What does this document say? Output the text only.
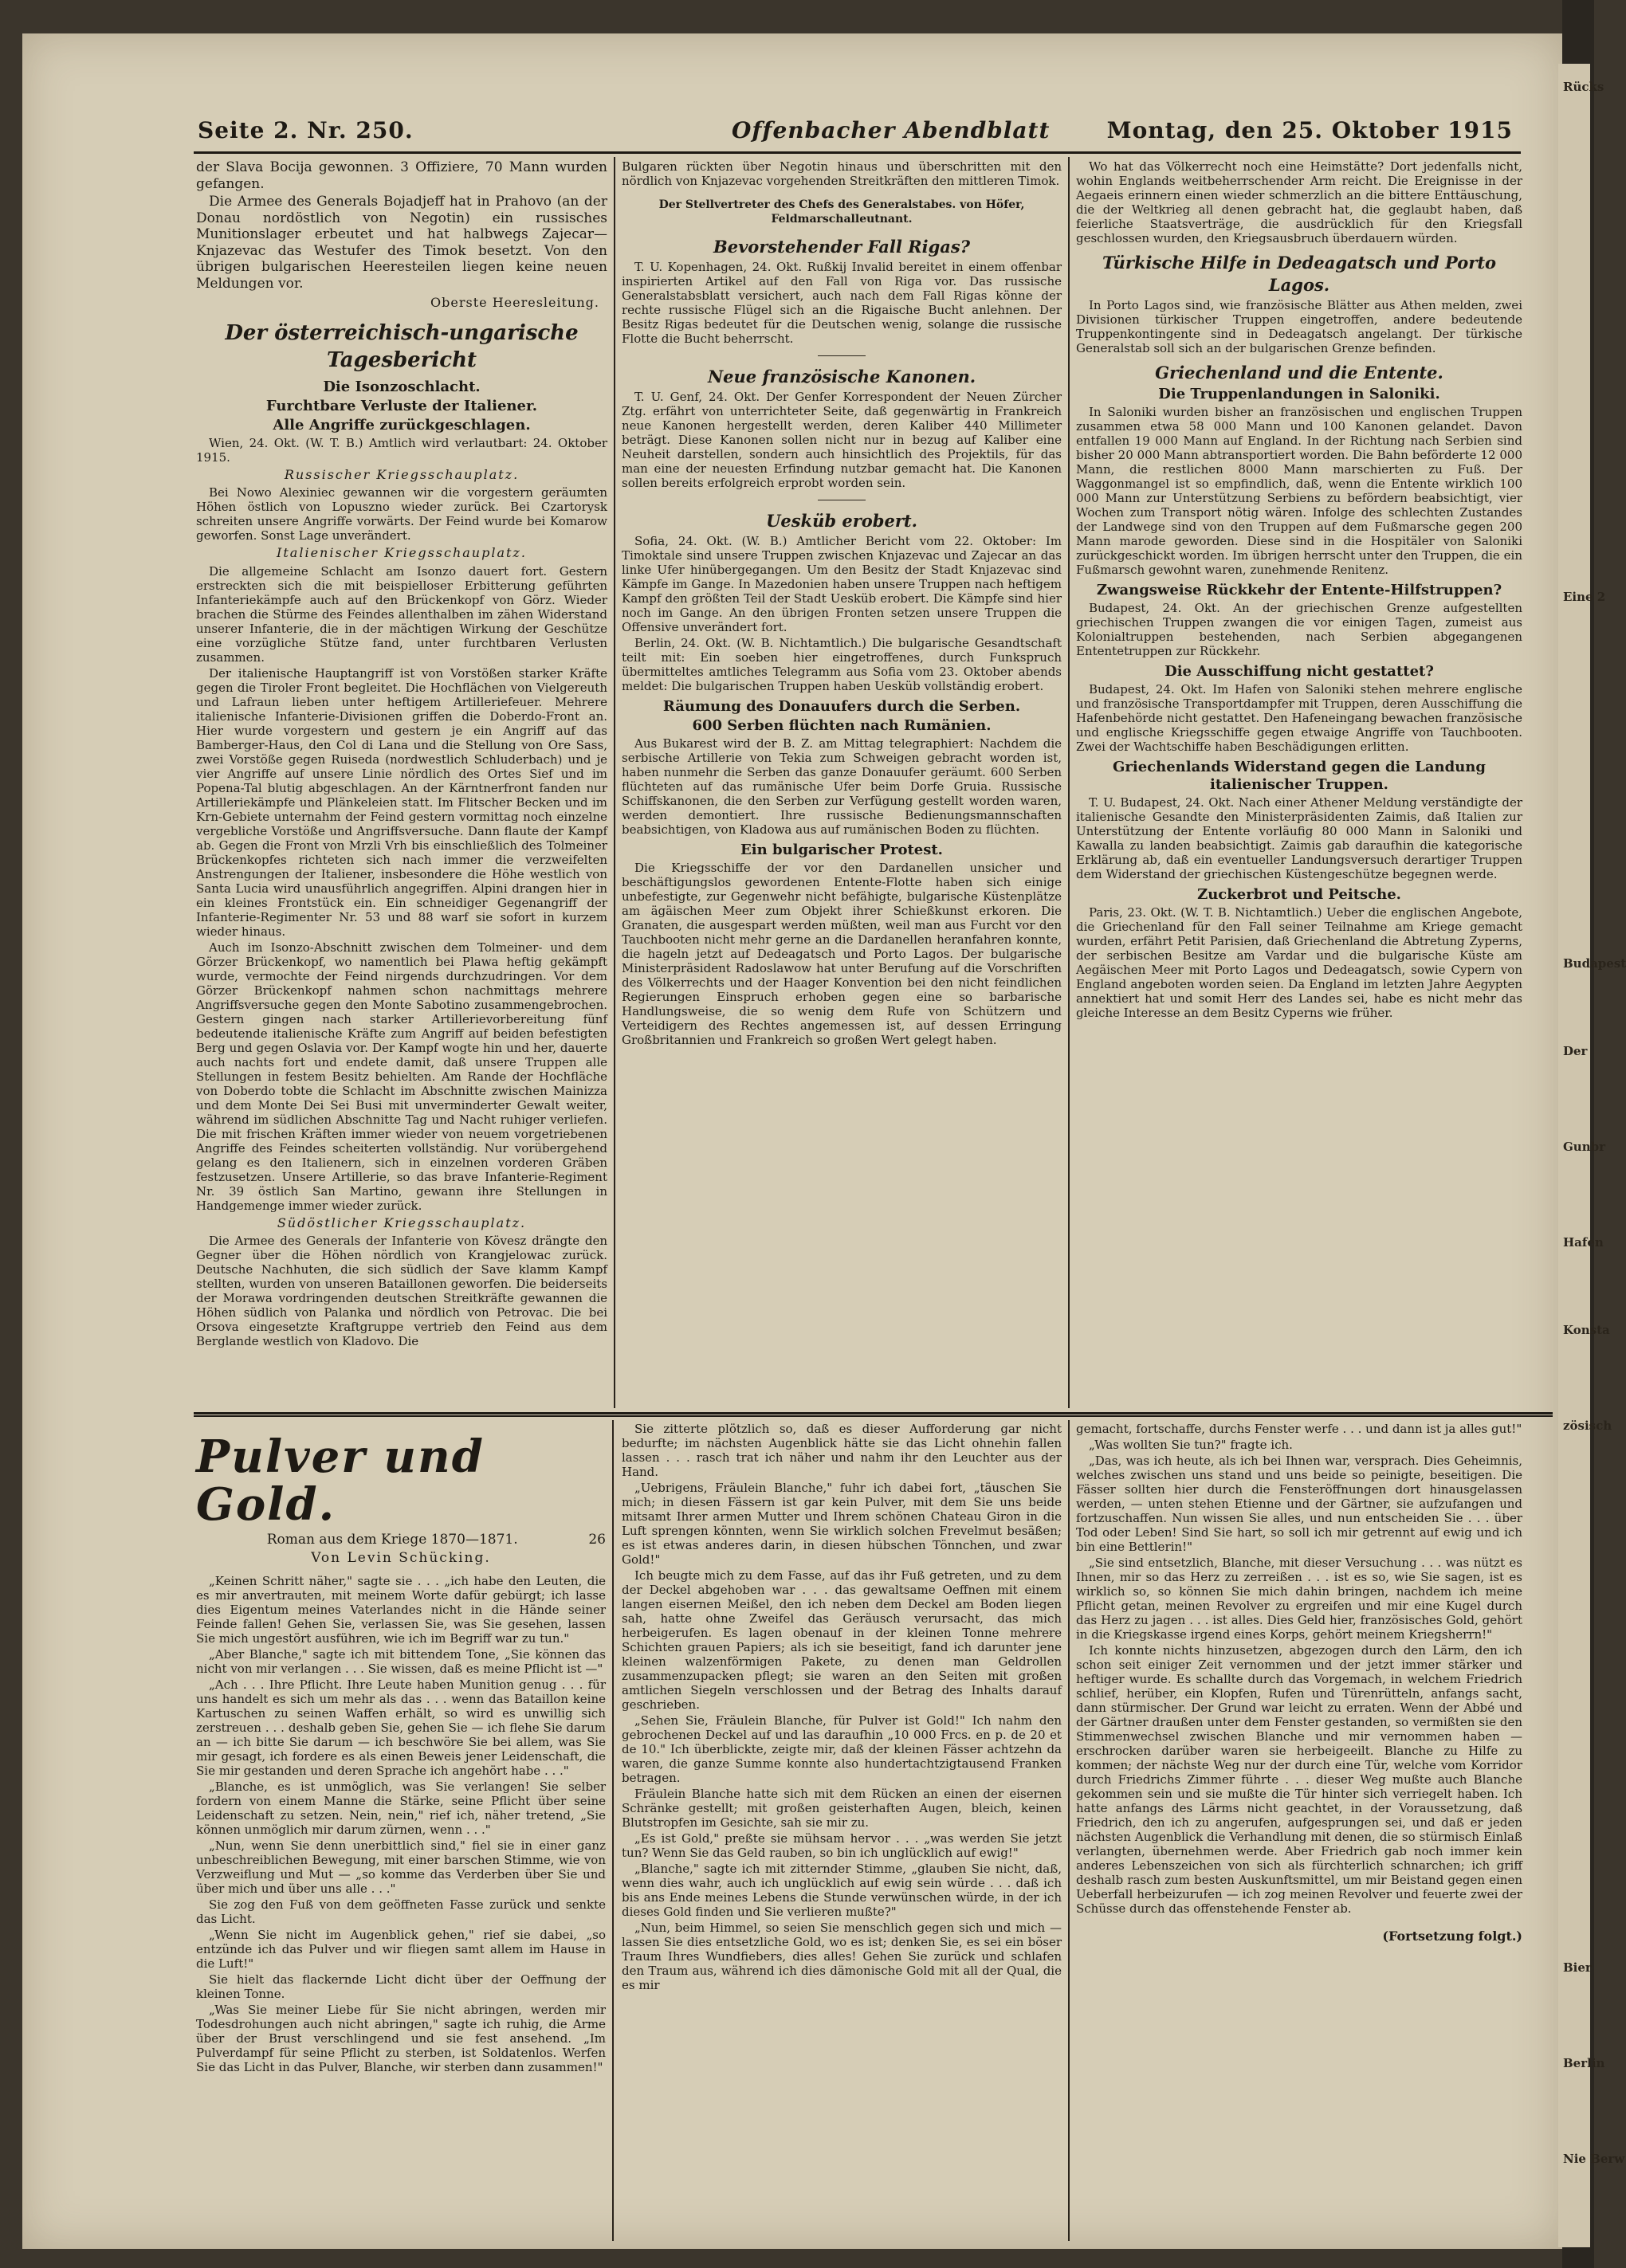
Seite 2. Nr. 250.	Offenbacher Abendblatt	Montag, den 25. Oktober 1915

der Slava Bocija gewonnen. 3 Offiziere, 70 Mann wurden gefangen.

Die Armee des Generals Bojadjeff hat in Prahovo (an der Donau nordöstlich von Negotin) ein russisches Munitionslager erbeutet und hat halbwegs Zajecar—Knjazevac das Westufer des Timok besetzt. Von den übrigen bulgarischen Heeresteilen liegen keine neuen Meldungen vor.

Oberste Heeresleitung.
Der österreichisch-ungarische Tagesbericht
Die Isonzoschlacht.
Furchtbare Verluste der Italiener.
Alle Angriffe zurückgeschlagen.

Wien, 24. Okt. (W. T. B.) Amtlich wird verlautbart: 24. Oktober 1915.

Russischer Kriegsschauplatz.

Bei Nowo Alexiniec gewannen wir die vorgestern geräumten Höhen östlich von Lopuszno wieder zurück. Bei Czartorysk schreiten unsere Angriffe vorwärts. Der Feind wurde bei Komarow geworfen. Sonst Lage unverändert.

Italienischer Kriegsschauplatz.

Die allgemeine Schlacht am Isonzo dauert fort. Gestern erstreckten sich die mit beispielloser Erbitterung geführten Infanteriekämpfe auch auf den Brückenkopf von Görz. Wieder brachen die Stürme des Feindes allenthalben im zähen Widerstand unserer Infanterie, die in der mächtigen Wirkung der Geschütze eine vorzügliche Stütze fand, unter furchtbaren Verlusten zusammen.

Der italienische Hauptangriff ist von Vorstößen starker Kräfte gegen die Tiroler Front begleitet. Die Hochflächen von Vielgereuth und Lafraun lieben unter heftigem Artilleriefeuer. Mehrere italienische Infanterie-Divisionen griffen die Doberdo-Front an. Hier wurde vorgestern und gestern je ein Angriff auf das Bamberger-Haus, den Col di Lana und die Stellung von Ore Sass, zwei Vorstöße gegen Ruiseda (nordwestlich Schluderbach) und je vier Angriffe auf unsere Linie nördlich des Ortes Sief und im Popena-Tal blutig abgeschlagen. An der Kärntnerfront fanden nur Artilleriekämpfe und Plänkeleien statt. Im Flitscher Becken und im Krn-Gebiete unternahm der Feind gestern vormittag noch einzelne vergebliche Vorstöße und Angriffsversuche. Dann flaute der Kampf ab. Gegen die Front von Mrzli Vrh bis einschließlich des Tolmeiner Brückenkopfes richteten sich nach immer die verzweifelten Anstrengungen der Italiener, insbesondere die Höhe westlich von Santa Lucia wird unausführlich angegriffen. Alpini drangen hier in ein kleines Frontstück ein. Ein schneidiger Gegenangriff der Infanterie-Regimenter Nr. 53 und 88 warf sie sofort in kurzem wieder hinaus.

Auch im Isonzo-Abschnitt zwischen dem Tolmeiner- und dem Görzer Brückenkopf, wo namentlich bei Plawa heftig gekämpft wurde, vermochte der Feind nirgends durchzudringen. Vor dem Görzer Brückenkopf nahmen schon nachmittags mehrere Angriffsversuche gegen den Monte Sabotino zusammengebrochen. Gestern gingen nach starker Artillerievorbereitung fünf bedeutende italienische Kräfte zum Angriff auf beiden befestigten Berg und gegen Oslavia vor. Der Kampf wogte hin und her, dauerte auch nachts fort und endete damit, daß unsere Truppen alle Stellungen in festem Besitz behielten. Am Rande der Hochfläche von Doberdo tobte die Schlacht im Abschnitte zwischen Mainizza und dem Monte Dei Sei Busi mit unverminderter Gewalt weiter, während im südlichen Abschnitte Tag und Nacht ruhiger verliefen. Die mit frischen Kräften immer wieder von neuem vorgetriebenen Angriffe des Feindes scheiterten vollständig. Nur vorübergehend gelang es den Italienern, sich in einzelnen vorderen Gräben festzusetzen. Unsere Artillerie, so das brave Infanterie-Regiment Nr. 39 östlich San Martino, gewann ihre Stellungen in Handgemenge immer wieder zurück.

Südöstlicher Kriegsschauplatz.

Die Armee des Generals der Infanterie von Kövesz drängte den Gegner über die Höhen nördlich von Krangjelowac zurück. Deutsche Nachhuten, die sich südlich der Save klamm Kampf stellten, wurden von unseren Bataillonen geworfen. Die beiderseits der Morawa vordringenden deutschen Streitkräfte gewannen die Höhen südlich von Palanka und nördlich von Petrovac. Die bei Orsova eingesetzte Kraftgruppe vertrieb den Feind aus dem Berglande westlich von Kladovo. Die

Bulgaren rückten über Negotin hinaus und überschritten mit den nördlich von Knjazevac vorgehenden Streitkräften den mittleren Timok.

Der Stellvertreter des Chefs des Generalstabes. von Höfer, Feldmarschalleutnant.
Bevorstehender Fall Rigas?

T. U. Kopenhagen, 24. Okt. Rußkij Invalid bereitet in einem offenbar inspirierten Artikel auf den Fall von Riga vor. Das russische Generalstabsblatt versichert, auch nach dem Fall Rigas könne der rechte russische Flügel sich an die Rigaische Bucht anlehnen. Der Besitz Rigas bedeutet für die Deutschen wenig, solange die russische Flotte die Bucht beherrscht.

Neue französische Kanonen.

T. U. Genf, 24. Okt. Der Genfer Korrespondent der Neuen Zürcher Ztg. erfährt von unterrichteter Seite, daß gegenwärtig in Frankreich neue Kanonen hergestellt werden, deren Kaliber 440 Millimeter beträgt. Diese Kanonen sollen nicht nur in bezug auf Kaliber eine Neuheit darstellen, sondern auch hinsichtlich des Projektils, für das man eine der neuesten Erfindung nutzbar gemacht hat. Die Kanonen sollen bereits erfolgreich erprobt worden sein.

Uesküb erobert.

Sofia, 24. Okt. (W. B.) Amtlicher Bericht vom 22. Oktober: Im Timoktale sind unsere Truppen zwischen Knjazevac und Zajecar an das linke Ufer hinübergegangen. Um den Besitz der Stadt Knjazevac sind Kämpfe im Gange. In Mazedonien haben unsere Truppen nach heftigem Kampf den größten Teil der Stadt Uesküb erobert. Die Kämpfe sind hier noch im Gange. An den übrigen Fronten setzen unsere Truppen die Offensive unverändert fort.

Berlin, 24. Okt. (W. B. Nichtamtlich.) Die bulgarische Gesandtschaft teilt mit: Ein soeben hier eingetroffenes, durch Funkspruch übermitteltes amtliches Telegramm aus Sofia vom 23. Oktober abends meldet: Die bulgarischen Truppen haben Uesküb vollständig erobert.

Räumung des Donauufers durch die Serben.
600 Serben flüchten nach Rumänien.

Aus Bukarest wird der B. Z. am Mittag telegraphiert: Nachdem die serbische Artillerie von Tekia zum Schweigen gebracht worden ist, haben nunmehr die Serben das ganze Donauufer geräumt. 600 Serben flüchteten auf das rumänische Ufer beim Dorfe Gruia. Russische Schiffskanonen, die den Serben zur Verfügung gestellt worden waren, werden demontiert. Ihre russische Bedienungsmannschaften beabsichtigen, von Kladowa aus auf rumänischen Boden zu flüchten.

Ein bulgarischer Protest.

Die Kriegsschiffe der vor den Dardanellen unsicher und beschäftigungslos gewordenen Entente-Flotte haben sich einige unbefestigte, zur Gegenwehr nicht befähigte, bulgarische Küstenplätze am ägäischen Meer zum Objekt ihrer Schießkunst erkoren. Die Granaten, die ausgespart werden müßten, weil man aus Furcht vor den Tauchbooten nicht mehr gerne an die Dardanellen heranfahren konnte, die hageln jetzt auf Dedeagatsch und Porto Lagos. Der bulgarische Ministerpräsident Radoslawow hat unter Berufung auf die Vorschriften des Völkerrechts und der Haager Konvention bei den nicht feindlichen Regierungen Einspruch erhoben gegen eine so barbarische Handlungsweise, die so wenig dem Rufe von Schützern und Verteidigern des Rechtes angemessen ist, auf dessen Erringung Großbritannien und Frankreich so großen Wert gelegt haben.

Wo hat das Völkerrecht noch eine Heimstätte? Dort jedenfalls nicht, wohin Englands weitbeherrschender Arm reicht. Die Ereignisse in der Aegaeis erinnern einen wieder schmerzlich an die bittere Enttäuschung, die der Weltkrieg all denen gebracht hat, die geglaubt haben, daß feierliche Staatsverträge, die ausdrücklich für den Kriegsfall geschlossen wurden, den Kriegsausbruch überdauern würden.

Türkische Hilfe in Dedeagatsch und Porto Lagos.

In Porto Lagos sind, wie französische Blätter aus Athen melden, zwei Divisionen türkischer Truppen eingetroffen, andere bedeutende Truppenkontingente sind in Dedeagatsch angelangt. Der türkische Generalstab soll sich an der bulgarischen Grenze befinden.

Griechenland und die Entente.
Die Truppenlandungen in Saloniki.

In Saloniki wurden bisher an französischen und englischen Truppen zusammen etwa 58 000 Mann und 100 Kanonen gelandet. Davon entfallen 19 000 Mann auf England. In der Richtung nach Serbien sind bisher 20 000 Mann abtransportiert worden. Die Bahn beförderte 12 000 Mann, die restlichen 8000 Mann marschierten zu Fuß. Der Waggonmangel ist so empfindlich, daß, wenn die Entente wirklich 100 000 Mann zur Unterstützung Serbiens zu befördern beabsichtigt, vier Wochen zum Transport nötig wären. Infolge des schlechten Zustandes der Landwege sind von den Truppen auf dem Fußmarsche gegen 200 Mann marode geworden. Diese sind in die Hospitäler von Saloniki zurückgeschickt worden. Im übrigen herrscht unter den Truppen, die ein Fußmarsch gewohnt waren, zunehmende Renitenz.

Zwangsweise Rückkehr der Entente-Hilfstruppen?

Budapest, 24. Okt. An der griechischen Grenze aufgestellten griechischen Truppen zwangen die vor einigen Tagen, zumeist aus Kolonialtruppen bestehenden, nach Serbien abgegangenen Ententetruppen zur Rückkehr.

Die Ausschiffung nicht gestattet?

Budapest, 24. Okt. Im Hafen von Saloniki stehen mehrere englische und französische Transportdampfer mit Truppen, deren Ausschiffung die Hafenbehörde nicht gestattet. Den Hafeneingang bewachen französische und englische Kriegsschiffe gegen etwaige Angriffe von Tauchbooten. Zwei der Wachtschiffe haben Beschädigungen erlitten.

Griechenlands Widerstand gegen die Landung italienischer Truppen.

T. U. Budapest, 24. Okt. Nach einer Athener Meldung verständigte der italienische Gesandte den Ministerpräsidenten Zaimis, daß Italien zur Unterstützung der Entente vorläufig 80 000 Mann in Saloniki und Kawalla zu landen beabsichtigt. Zaimis gab daraufhin die kategorische Erklärung ab, daß ein eventueller Landungsversuch derartiger Truppen dem Widerstand der griechischen Küstengeschütze begegnen werde.

Zuckerbrot und Peitsche.

Paris, 23. Okt. (W. T. B. Nichtamtlich.) Ueber die englischen Angebote, die Griechenland für den Fall seiner Teilnahme am Kriege gemacht wurden, erfährt Petit Parisien, daß Griechenland die Abtretung Zyperns, der serbischen Besitze am Vardar und die bulgarische Küste am Aegäischen Meer mit Porto Lagos und Dedeagatsch, sowie Cypern von England angeboten worden seien. Da England im letzten Jahre Aegypten annektiert hat und somit Herr des Landes sei, habe es nicht mehr das gleiche Interesse an dem Besitz Cyperns wie früher.

Pulver und Gold.
Roman aus dem Kriege 1870—1871.	26
Von Levin Schücking.

„Keinen Schritt näher," sagte sie . . . „ich habe den Leuten, die es mir anvertrauten, mit meinem Worte dafür gebürgt; ich lasse dies Eigentum meines Vaterlandes nicht in die Hände seiner Feinde fallen! Gehen Sie, verlassen Sie, was Sie gesehen, lassen Sie mich ungestört ausführen, wie ich im Begriff war zu tun."

„Aber Blanche," sagte ich mit bittendem Tone, „Sie können das nicht von mir verlangen . . . Sie wissen, daß es meine Pflicht ist —"

„Ach . . . Ihre Pflicht. Ihre Leute haben Munition genug . . . für uns handelt es sich um mehr als das . . . wenn das Bataillon keine Kartuschen zu seinen Waffen erhält, so wird es unwillig sich zerstreuen . . . deshalb geben Sie, gehen Sie — ich flehe Sie darum an — ich bitte Sie darum — ich beschwöre Sie bei allem, was Sie mir gesagt, ich fordere es als einen Beweis jener Leidenschaft, die Sie mir gestanden und deren Sprache ich angehört habe . . ."

„Blanche, es ist unmöglich, was Sie verlangen! Sie selber fordern von einem Manne die Stärke, seine Pflicht über seine Leidenschaft zu setzen. Nein, nein," rief ich, näher tretend, „Sie können unmöglich mir darum zürnen, wenn . . ."

„Nun, wenn Sie denn unerbittlich sind," fiel sie in einer ganz unbeschreiblichen Bewegung, mit einer barschen Stimme, wie von Verzweiflung und Mut — „so komme das Verderben über Sie und über mich und über uns alle . . ."

Sie zog den Fuß von dem geöffneten Fasse zurück und senkte das Licht.

„Wenn Sie nicht im Augenblick gehen," rief sie dabei, „so entzünde ich das Pulver und wir fliegen samt allem im Hause in die Luft!"

Sie hielt das flackernde Licht dicht über der Oeffnung der kleinen Tonne.

„Was Sie meiner Liebe für Sie nicht abringen, werden mir Todesdrohungen auch nicht abringen," sagte ich ruhig, die Arme über der Brust verschlingend und sie fest ansehend. „Im Pulverdampf für seine Pflicht zu sterben, ist Soldatenlos. Werfen Sie das Licht in das Pulver, Blanche, wir sterben dann zusammen!"

Sie zitterte plötzlich so, daß es dieser Aufforderung gar nicht bedurfte; im nächsten Augenblick hätte sie das Licht ohnehin fallen lassen . . . rasch trat ich näher und nahm ihr den Leuchter aus der Hand.

„Uebrigens, Fräulein Blanche," fuhr ich dabei fort, „täuschen Sie mich; in diesen Fässern ist gar kein Pulver, mit dem Sie uns beide mitsamt Ihrer armen Mutter und Ihrem schönen Chateau Giron in die Luft sprengen könnten, wenn Sie wirklich solchen Frevelmut besäßen; es ist etwas anderes darin, in diesen hübschen Tönnchen, und zwar Gold!"

Ich beugte mich zu dem Fasse, auf das ihr Fuß getreten, und zu dem der Deckel abgehoben war . . . das gewaltsame Oeffnen mit einem langen eisernen Meißel, den ich neben dem Deckel am Boden liegen sah, hatte ohne Zweifel das Geräusch verursacht, das mich herbeigerufen. Es lagen obenauf in der kleinen Tonne mehrere Schichten grauen Papiers; als ich sie beseitigt, fand ich darunter jene kleinen walzenförmigen Pakete, zu denen man Geldrollen zusammenzupacken pflegt; sie waren an den Seiten mit großen amtlichen Siegeln verschlossen und der Betrag des Inhalts darauf geschrieben.

„Sehen Sie, Fräulein Blanche, für Pulver ist Gold!" Ich nahm den gebrochenen Deckel auf und las daraufhin „10 000 Frcs. en p. de 20 et de 10." Ich überblickte, zeigte mir, daß der kleinen Fässer achtzehn da waren, die ganze Summe konnte also hundertachtzigtausend Franken betragen.

Fräulein Blanche hatte sich mit dem Rücken an einen der eisernen Schränke gestellt; mit großen geisterhaften Augen, bleich, keinen Blutstropfen im Gesichte, sah sie mir zu.

„Es ist Gold," preßte sie mühsam hervor . . . „was werden Sie jetzt tun? Wenn Sie das Geld rauben, so bin ich unglücklich auf ewig!"

„Blanche," sagte ich mit zitternder Stimme, „glauben Sie nicht, daß, wenn dies wahr, auch ich unglücklich auf ewig sein würde . . . daß ich bis ans Ende meines Lebens die Stunde verwünschen würde, in der ich dieses Gold finden und Sie verlieren mußte?"

„Nun, beim Himmel, so seien Sie menschlich gegen sich und mich — lassen Sie dies entsetzliche Gold, wo es ist; denken Sie, es sei ein böser Traum Ihres Wundfiebers, dies alles! Gehen Sie zurück und schlafen den Traum aus, während ich dies dämonische Gold mit all der Qual, die es mir

gemacht, fortschaffe, durchs Fenster werfe . . . und dann ist ja alles gut!"

„Was wollten Sie tun?" fragte ich.

„Das, was ich heute, als ich bei Ihnen war, versprach. Dies Geheimnis, welches zwischen uns stand und uns beide so peinigte, beseitigen. Die Fässer sollten hier durch die Fensteröffnungen dort hinausgelassen werden, — unten stehen Etienne und der Gärtner, sie aufzufangen und fortzuschaffen. Nun wissen Sie alles, und nun entscheiden Sie . . . über Tod oder Leben! Sind Sie hart, so soll ich mir getrennt auf ewig und ich bin eine Bettlerin!"

„Sie sind entsetzlich, Blanche, mit dieser Versuchung . . . was nützt es Ihnen, mir so das Herz zu zerreißen . . . ist es so, wie Sie sagen, ist es wirklich so, so können Sie mich dahin bringen, nachdem ich meine Pflicht getan, meinen Revolver zu ergreifen und mir eine Kugel durch das Herz zu jagen . . . ist alles. Dies Geld hier, französisches Gold, gehört in die Kriegskasse irgend eines Korps, gehört meinem Kriegsherrn!"

Ich konnte nichts hinzusetzen, abgezogen durch den Lärm, den ich schon seit einiger Zeit vernommen und der jetzt immer stärker und heftiger wurde. Es schallte durch das Vorgemach, in welchem Friedrich schlief, herüber, ein Klopfen, Rufen und Türenrütteln, anfangs sacht, dann stürmischer. Der Grund war leicht zu erraten. Wenn der Abbé und der Gärtner draußen unter dem Fenster gestanden, so vermißten sie den Stimmenwechsel zwischen Blanche und mir vernommen haben — erschrocken darüber waren sie herbeigeeilt. Blanche zu Hilfe zu kommen; der nächste Weg nur der durch eine Tür, welche vom Korridor durch Friedrichs Zimmer führte . . . dieser Weg mußte auch Blanche gekommen sein und sie mußte die Tür hinter sich verriegelt haben. Ich hatte anfangs des Lärms nicht geachtet, in der Voraussetzung, daß Friedrich, den ich zu angerufen, aufgesprungen sei, und daß er jeden nächsten Augenblick die Verhandlung mit denen, die so stürmisch Einlaß verlangten, übernehmen werde. Aber Friedrich gab noch immer kein anderes Lebenszeichen von sich als fürchterlich schnarchen; ich griff deshalb rasch zum besten Auskunftsmittel, um mir Beistand gegen einen Ueberfall herbeizurufen — ich zog meinen Revolver und feuerte zwei der Schüsse durch das offenstehende Fenster ab.

(Fortsetzung folgt.)
Rücks
Eine 2
Budapest
Der
Gunbr
Hafen
Konsta
zösisch
Bier
Berlin
Nie Berw
